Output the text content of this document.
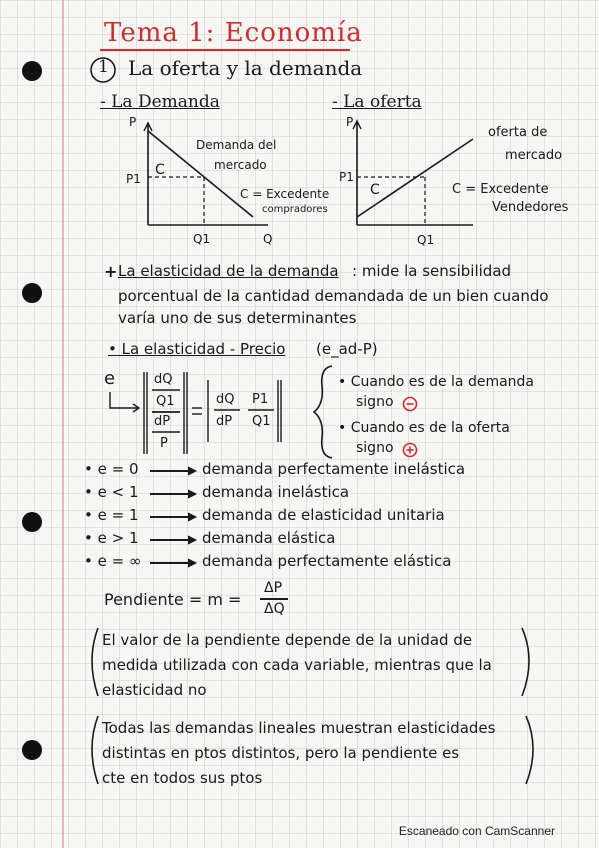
Tema 1: Economía
1 La oferta y la demanda
- La Demanda
P
Q
P1
Q1
C
Demanda del
mercado
C = Excedente
compradores
- La oferta
P
P1
Q1
C
oferta de
mercado
C = Excedente
Vendedores
+ La elasticidad de la demanda : mide la sensibilidad
porcentual de la cantidad demandada de un bien cuando
varía uno de sus determinantes
• La elasticidad - Precio (e_ad-P)
e	dQ
Q1
dP
P
dQ
dP
P1
Q1
• Cuando es de la demanda
signo
• Cuando es de la oferta
signo
• e = 0	demanda perfectamente inelástica
• e < 1	demanda inelástica
• e = 1	demanda de elasticidad unitaria
• e > 1	demanda elástica
• e = ∞	demanda perfectamente elástica
Pendiente = m =
ΔP
ΔQ
El valor de la pendiente depende de la unidad de
medida utilizada con cada variable, mientras que la
elasticidad no
Todas las demandas lineales muestran elasticidades
distintas en ptos distintos, pero la pendiente es
cte en todos sus ptos
Escaneado con CamScanner
